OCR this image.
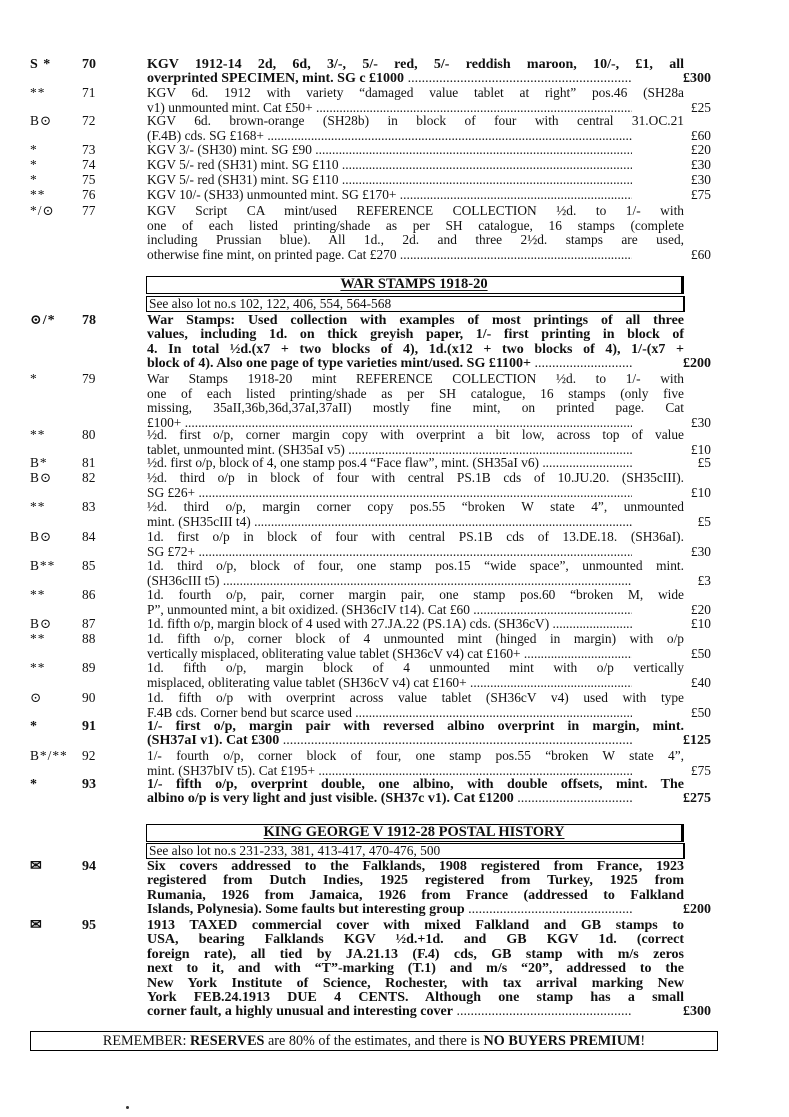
S *	70	KGV 1912-14 2d, 6d, 3/-, 5/- red, 5/- reddish maroon, 10/-, £1, all
overprinted SPECIMEN, mint. SG c £1000 .....	£300
**	71	KGV 6d. 1912 with variety “damaged value tablet at right” pos.46 (SH28a
v1) unmounted mint. Cat £50+ .....	£25
B⊙	72	KGV 6d. brown-orange (SH28b) in block of four with central 31.OC.21
(F.4B) cds. SG £168+ .....	£60
*	73	KGV 3/- (SH30) mint. SG £90 .....	£20
*	74	KGV 5/- red (SH31) mint. SG £110 .....	£30
*	75	KGV 5/- red (SH31) mint. SG £110 .....	£30
**	76	KGV 10/- (SH33) unmounted mint. SG £170+ .....	£75
*/⊙	77	KGV Script CA mint/used REFERENCE COLLECTION ½d. to 1/- with
one of each listed printing/shade as per SH catalogue, 16 stamps (complete
including Prussian blue). All 1d., 2d. and three 2½d. stamps are used,
otherwise fine mint, on printed page. Cat £270 .....	£60
WAR STAMPS 1918-20
See also lot no.s 102, 122, 406, 554, 564-568
⊙/*	78	War Stamps: Used collection with examples of most printings of all three
values, including 1d. on thick greyish paper, 1/- first printing in block of
4. In total ½d.(x7 + two blocks of 4), 1d.(x12 + two blocks of 4), 1/-(x7 +
block of 4). Also one page of type varieties mint/used. SG £1100+ .....	£200
*	79	War Stamps 1918-20 mint REFERENCE COLLECTION ½d. to 1/- with
one of each listed printing/shade as per SH catalogue, 16 stamps (only five
missing, 35aII,36b,36d,37aI,37aII) mostly fine mint, on printed page. Cat
£100+ .....	£30
**	80	½d. first o/p, corner margin copy with overprint a bit low, across top of value
tablet, unmounted mint. (SH35aI v5) .....	£10
B*	81	½d. first o/p, block of 4, one stamp pos.4 “Face flaw”, mint. (SH35aI v6) .....	£5
B⊙	82	½d. third o/p in block of four with central PS.1B cds of 10.JU.20. (SH35cIII).
SG £26+ .....	£10
**	83	½d. third o/p, margin corner copy pos.55 “broken W state 4”, unmounted
mint. (SH35cIII t4) .....	£5
B⊙	84	1d. first o/p in block of four with central PS.1B cds of 13.DE.18. (SH36aI).
SG £72+ .....	£30
B**	85	1d. third o/p, block of four, one stamp pos.15 “wide space”, unmounted mint.
(SH36cIII t5) .....	£3
**	86	1d. fourth o/p, pair, corner margin pair, one stamp pos.60 “broken M, wide
P”, unmounted mint, a bit oxidized. (SH36cIV t14). Cat £60 .....	£20
B⊙	87	1d. fifth o/p, margin block of 4 used with 27.JA.22 (PS.1A) cds. (SH36cV) .....	£10
**	88	1d. fifth o/p, corner block of 4 unmounted mint (hinged in margin) with o/p
vertically misplaced, obliterating value tablet (SH36cV v4) cat £160+ .....	£50
**	89	1d. fifth o/p, margin block of 4 unmounted mint with o/p vertically
misplaced, obliterating value tablet (SH36cV v4) cat £160+ .....	£40
⊙	90	1d. fifth o/p with overprint across value tablet (SH36cV v4) used with type
F.4B cds. Corner bend but scarce used .....	£50
*	91	1/- first o/p, margin pair with reversed albino overprint in margin, mint.
(SH37aI v1). Cat £300 .....	£125
B*/**	92	1/- fourth o/p, corner block of four, one stamp pos.55 “broken W state 4”,
mint. (SH37bIV t5). Cat £195+ .....	£75
*	93	1/- fifth o/p, overprint double, one albino, with double offsets, mint. The
albino o/p is very light and just visible. (SH37c v1). Cat £1200 .....	£275
KING GEORGE V 1912-28 POSTAL HISTORY
See also lot no.s 231-233, 381, 413-417, 470-476, 500
✉	94	Six covers addressed to the Falklands, 1908 registered from France, 1923
registered from Dutch Indies, 1925 registered from Turkey, 1925 from
Rumania, 1926 from Jamaica, 1926 from France (addressed to Falkland
Islands, Polynesia). Some faults but interesting group .....	£200
✉	95	1913 TAXED commercial cover with mixed Falkland and GB stamps to
USA, bearing Falklands KGV ½d.+1d. and GB KGV 1d. (correct
foreign rate), all tied by JA.21.13 (F.4) cds, GB stamp with m/s zeros
next to it, and with “T”-marking (T.1) and m/s “20”, addressed to the
New York Institute of Science, Rochester, with tax arrival marking New
York FEB.24.1913 DUE 4 CENTS. Although one stamp has a small
corner fault, a highly unusual and interesting cover .....	£300
REMEMBER: RESERVES are 80% of the estimates, and there is NO BUYERS PREMIUM!
